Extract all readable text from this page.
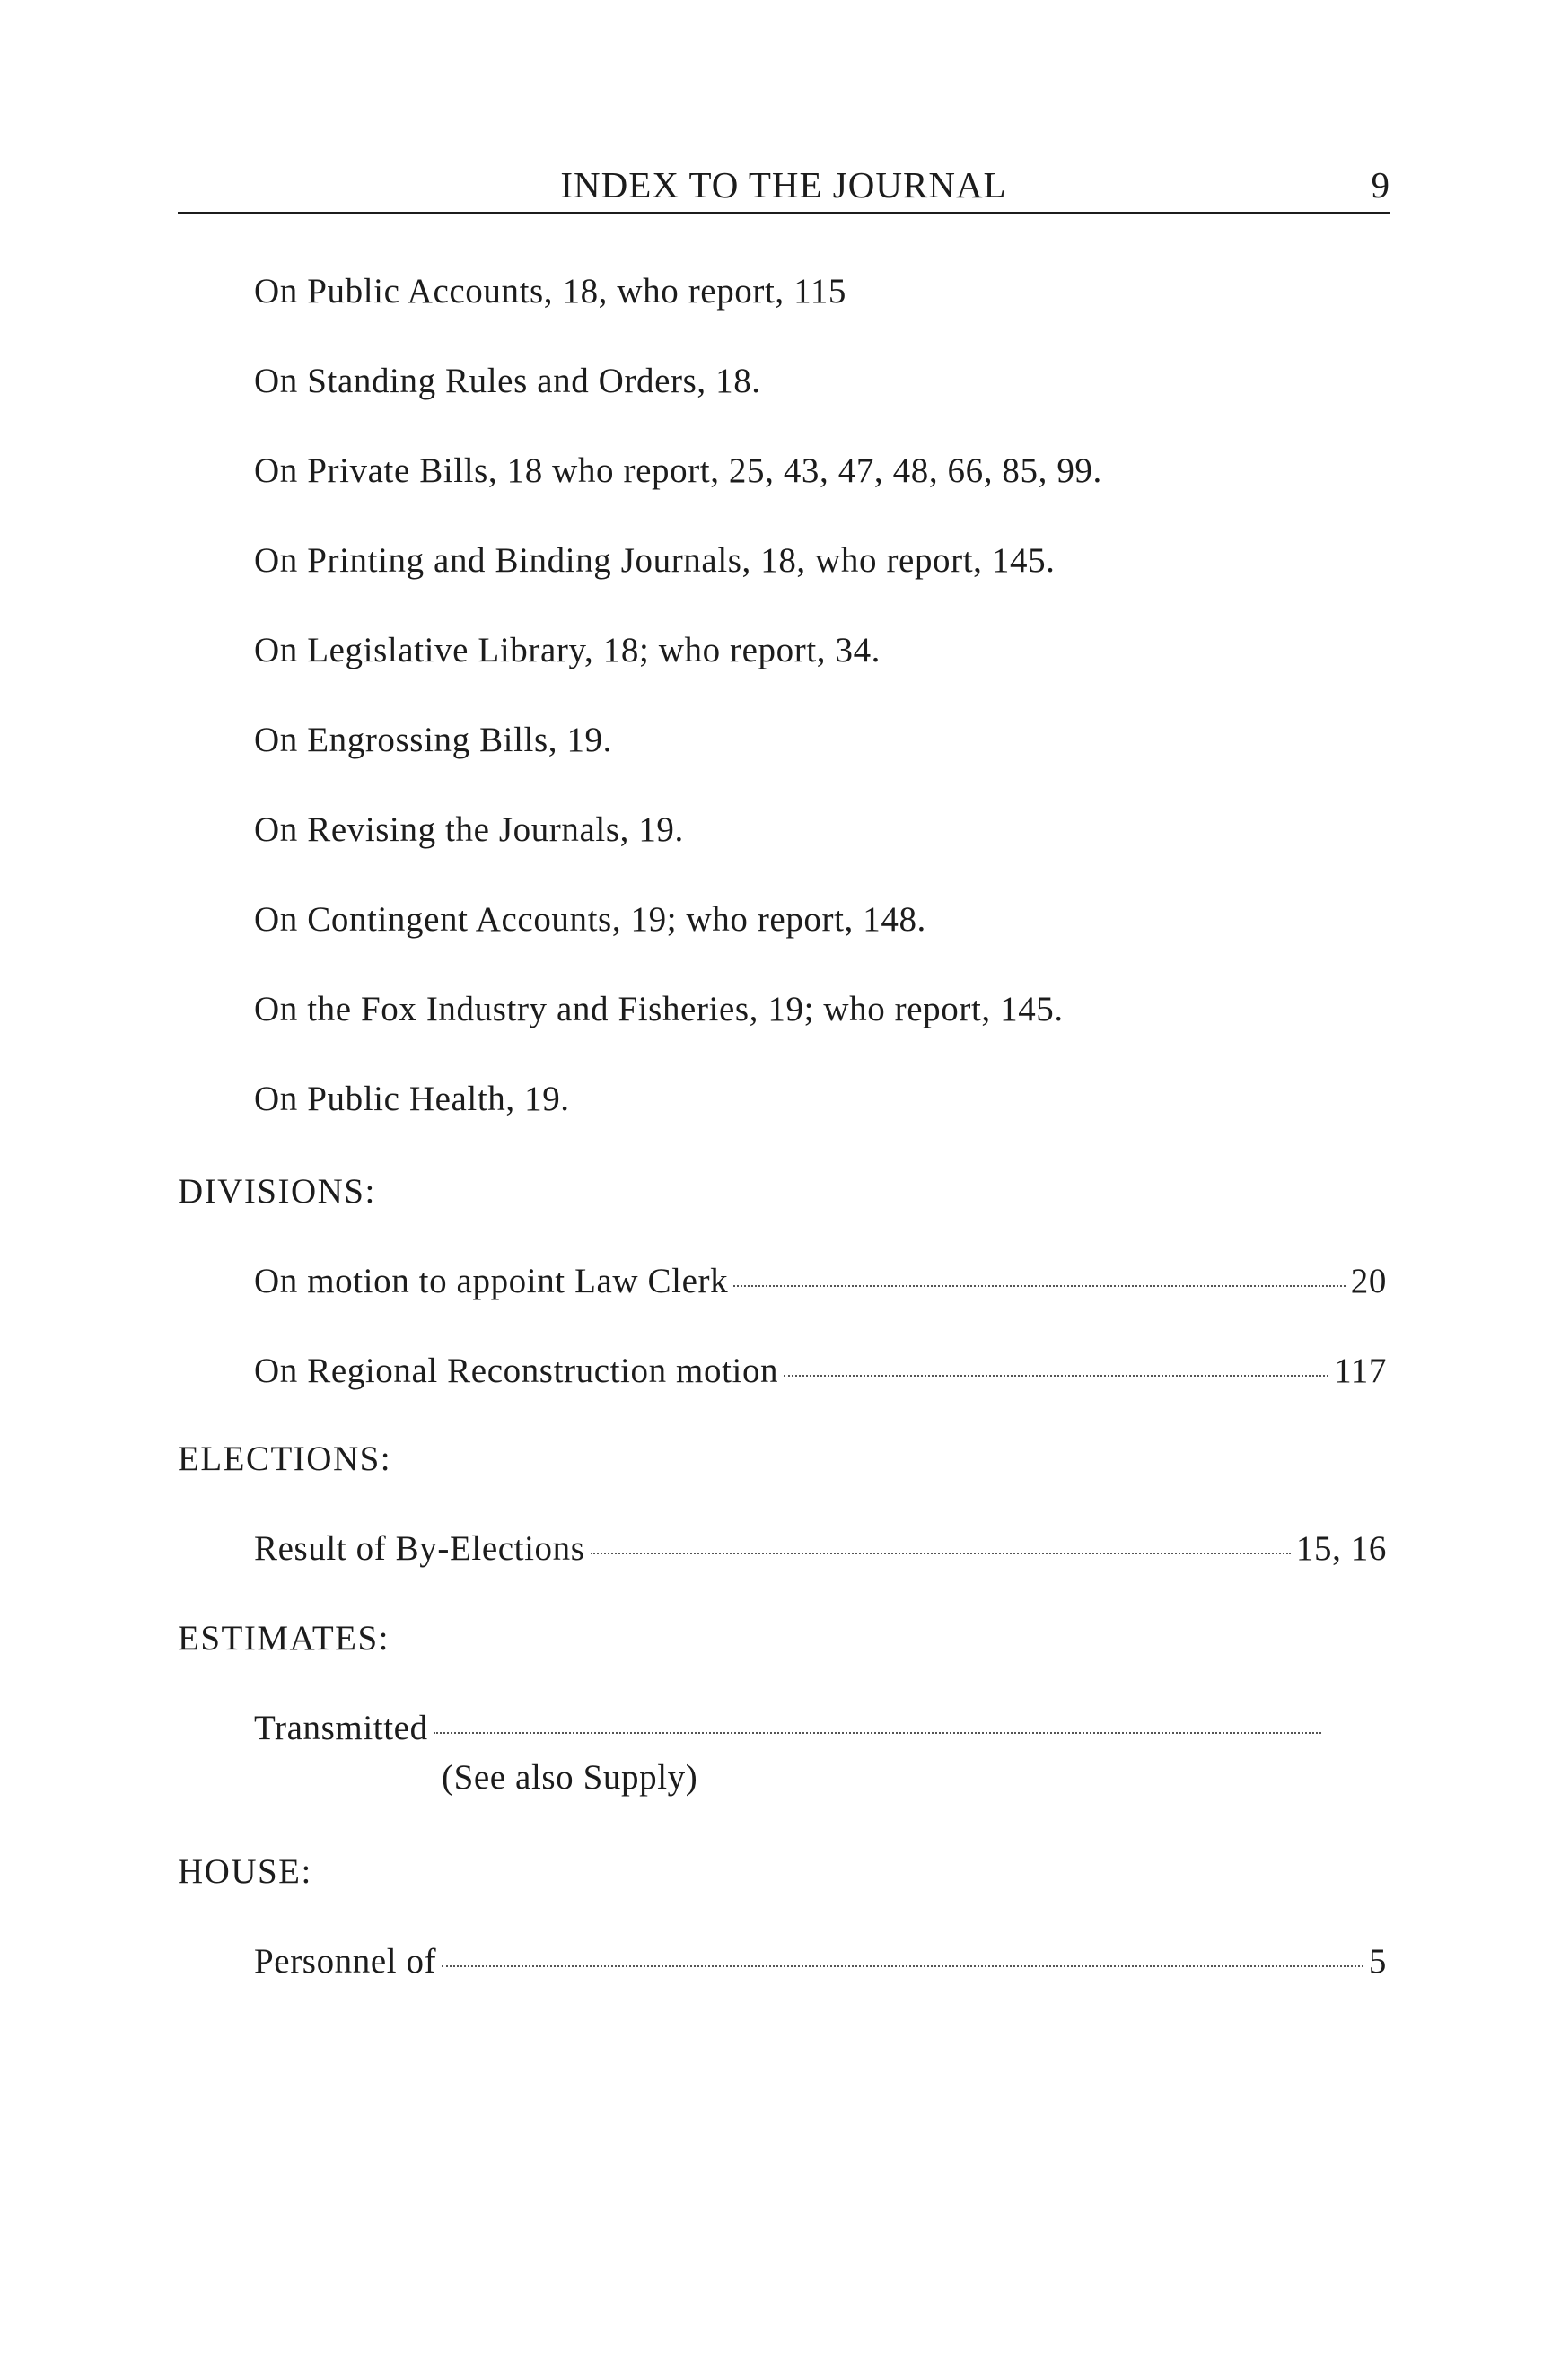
INDEX TO THE JOURNAL	9
On Public Accounts, 18, who report, 115
On Standing Rules and Orders, 18.
On Private Bills, 18 who report, 25, 43, 47, 48, 66, 85, 99.
On Printing and Binding Journals, 18, who report, 145.
On Legislative Library, 18; who report, 34.
On Engrossing Bills, 19.
On Revising the Journals, 19.
On Contingent Accounts, 19; who report, 148.
On the Fox Industry and Fisheries, 19; who report, 145.
On Public Health, 19.
DIVISIONS:
On motion to appoint Law Clerk	20
On Regional Reconstruction motion	117
ELECTIONS:
Result of By-Elections	15, 16
ESTIMATES:
Transmitted
(See also Supply)
HOUSE:
Personnel of	5
